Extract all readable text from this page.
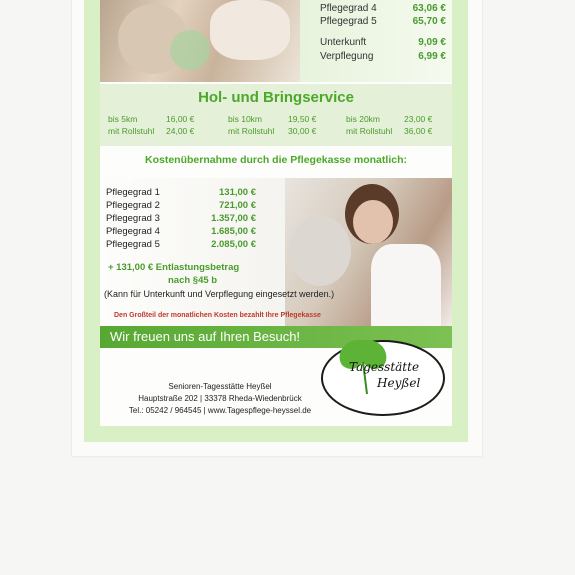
Pflegegrad 4	63,06 €
Pflegegrad 5	65,70 €
Unterkunft	9,09 €
Verpflegung	6,99 €
Hol- und Bringservice
bis 5km	16,00 €
mit Rollstuhl 24,00 €
bis 10km	19,50 €
mit Rollstuhl 30,00 €
bis 20km	23,00 €
mit Rollstuhl 36,00 €
Kostenübernahme durch die Pflegekasse monatlich:
Pflegegrad 1	131,00 €
Pflegegrad 2	721,00 €
Pflegegrad 3	1.357,00 €
Pflegegrad 4	1.685,00 €
Pflegegrad 5	2.085,00 €
+ 131,00 € Entlastungsbetrag
nach §45 b
(Kann für Unterkunft und Verpflegung eingesetzt werden.)
Den Großteil der monatlichen Kosten bezahlt Ihre Pflegekasse
Wir freuen uns auf Ihren Besuch!
Senioren-Tagesstätte Heyßel
Hauptstraße 202 | 33378 Rheda-Wiedenbrück
Tel.: 05242 / 964545 | www.Tagespflege-heyssel.de
Tagesstätte
Heyßel
